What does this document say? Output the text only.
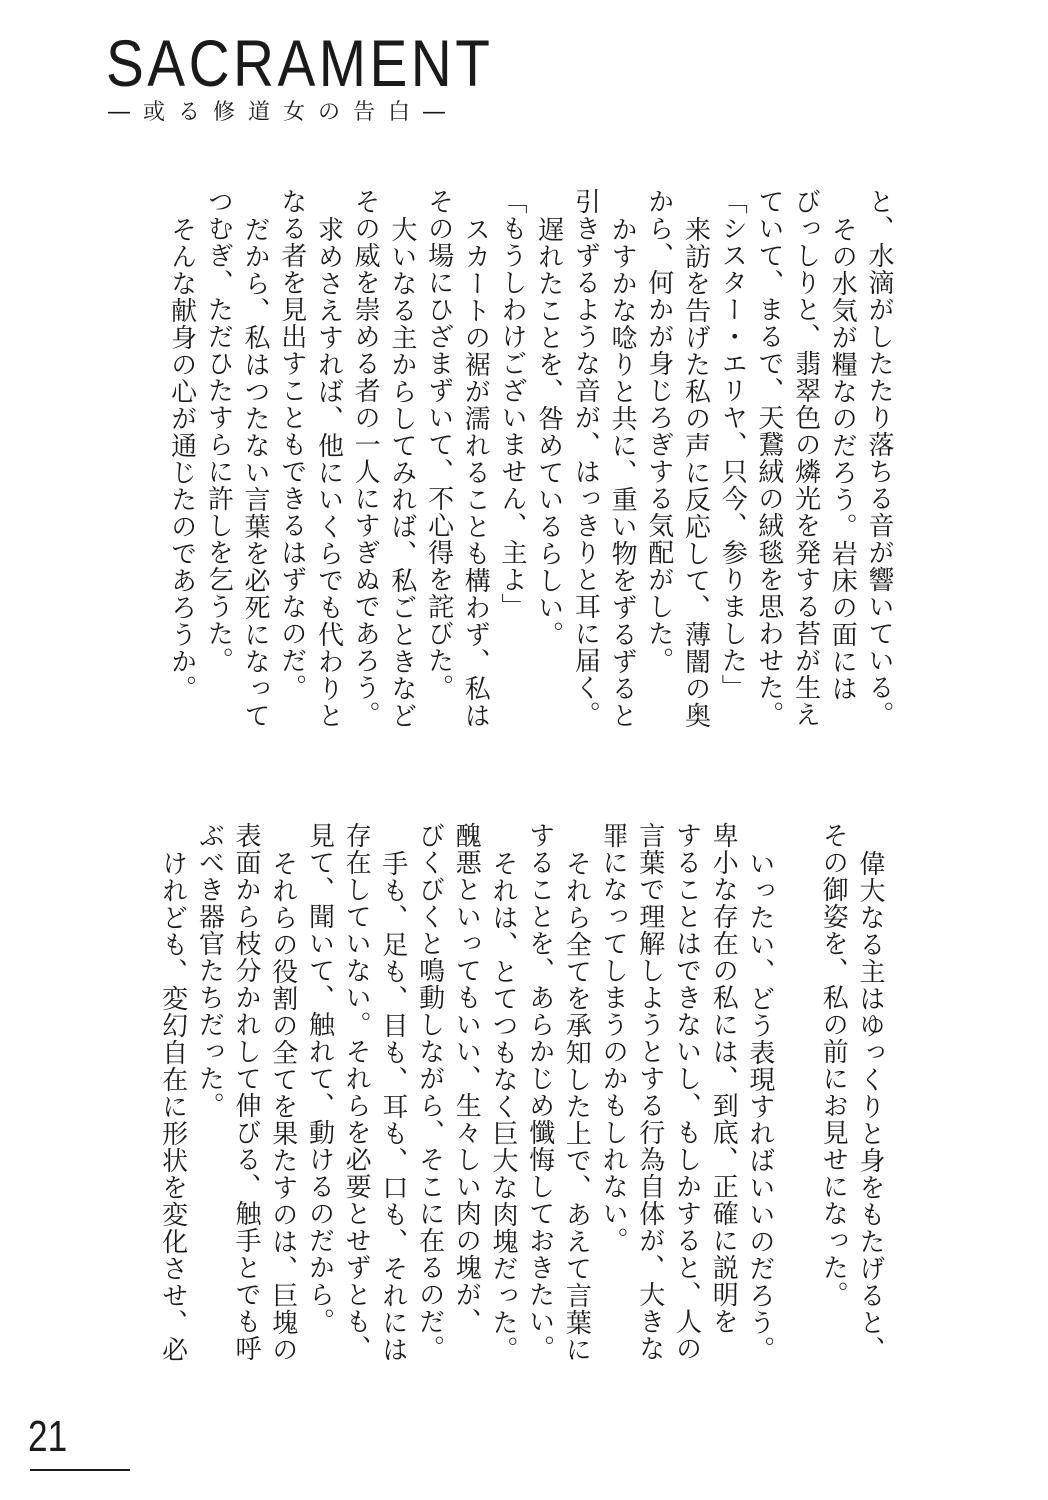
SACRAMENT
―或る修道女の告白―
と、水滴がしたたり落ちる音が響いている。
その水気が糧なのだろう。岩床の面には
びっしりと、翡翠色の燐光を発する苔が生え
ていて、まるで、天鵞絨の絨毯を思わせた。
「シスター・エリヤ、只今、参りました」
来訪を告げた私の声に反応して、薄闇の奥
から、何かが身じろぎする気配がした。
かすかな唸りと共に、重い物をずるずると
引きずるような音が、はっきりと耳に届く。
遅れたことを、咎めているらしい。
「もうしわけございません、主よ」
スカートの裾が濡れることも構わず、私は
その場にひざまずいて、不心得を詫びた。
大いなる主からしてみれば、私ごときなど
その威を崇める者の一人にすぎぬであろう。
求めさえすれば、他にいくらでも代わりと
なる者を見出すこともできるはずなのだ。
だから、私はつたない言葉を必死になって
つむぎ、ただひたすらに許しを乞うた。
そんな献身の心が通じたのであろうか。
偉大なる主はゆっくりと身をもたげると、
その御姿を、私の前にお見せになった。
いったい、どう表現すればいいのだろう。
卑小な存在の私には、到底、正確に説明を
することはできないし、もしかすると、人の
言葉で理解しようとする行為自体が、大きな
罪になってしまうのかもしれない。
それら全てを承知した上で、あえて言葉に
することを、あらかじめ懺悔しておきたい。
それは、とてつもなく巨大な肉塊だった。
醜悪といってもいい、生々しい肉の塊が、
びくびくと鳴動しながら、そこに在るのだ。
手も、足も、目も、耳も、口も、それには
存在していない。それらを必要とせずとも、
見て、聞いて、触れて、動けるのだから。
それらの役割の全てを果たすのは、巨塊の
表面から枝分かれして伸びる、触手とでも呼
ぶべき器官たちだった。
けれども、変幻自在に形状を変化させ、必
21
